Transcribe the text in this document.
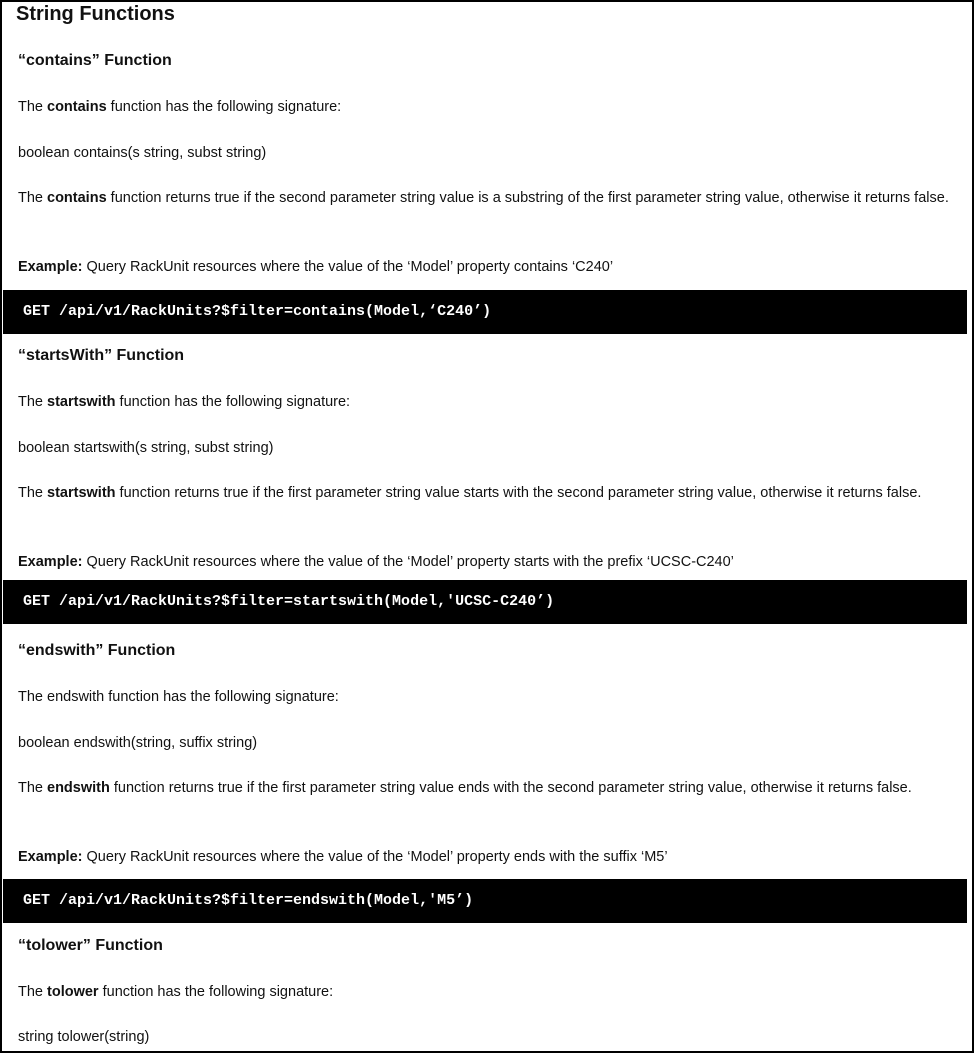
String Functions
“contains” Function
The contains function has the following signature:
boolean contains(s string, subst string)
The contains function returns true if the second parameter string value is a substring of the first parameter string value, otherwise it returns false.
Example: Query RackUnit resources where the value of the ‘Model’ property contains ‘C240’
GET /api/v1/RackUnits?$filter=contains(Model,‘C240’)
“startsWith” Function
The startswith function has the following signature:
boolean startswith(s string, subst string)
The startswith function returns true if the first parameter string value starts with the second parameter string value, otherwise it returns false.
Example: Query RackUnit resources where the value of the ‘Model’ property starts with the prefix ‘UCSC-C240’
GET /api/v1/RackUnits?$filter=startswith(Model,'UCSC-C240’)
“endswith” Function
The endswith function has the following signature:
boolean endswith(string, suffix string)
The endswith function returns true if the first parameter string value ends with the second parameter string value, otherwise it returns false.
Example: Query RackUnit resources where the value of the ‘Model’ property ends with the suffix ‘M5’
GET /api/v1/RackUnits?$filter=endswith(Model,'M5’)
“tolower” Function
The tolower function has the following signature:
string tolower(string)
